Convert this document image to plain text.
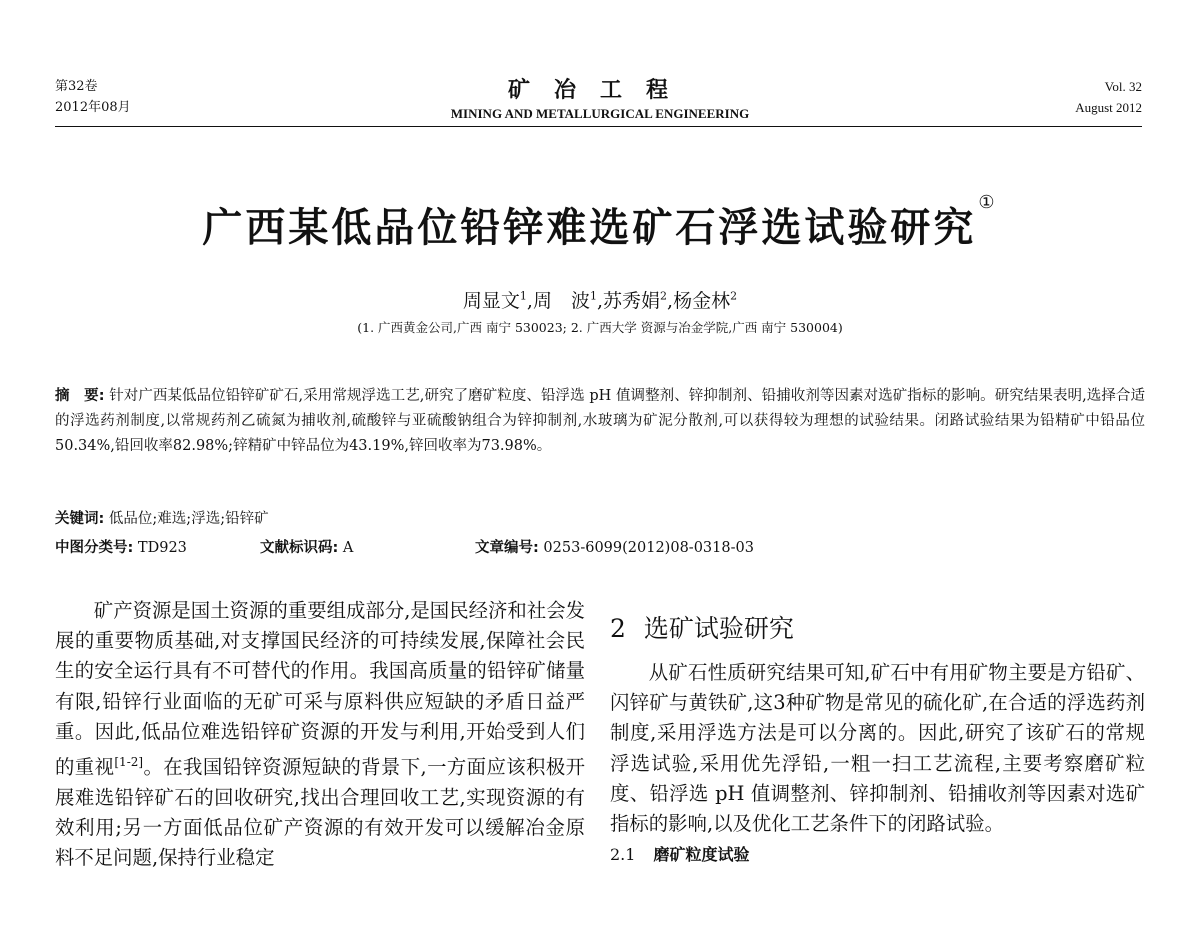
第32卷
2012年08月
矿冶工程
MINING AND METALLURGICAL ENGINEERING
Vol. 32
August 2012
广西某低品位铅锌难选矿石浮选试验研究①
周显文$^1$,周　波$^1$,苏秀娟$^2$,杨金林$^2$
(1. 广西黄金公司,广西 南宁 530023; 2. 广西大学 资源与冶金学院,广西 南宁 530004)
摘　要: 针对广西某低品位铅锌矿矿石,采用常规浮选工艺,研究了磨矿粒度、铅浮选 pH 值调整剂、锌抑制剂、铅捕收剂等因素对选矿指标的影响。研究结果表明,选择合适的浮选药剂制度,以常规药剂乙硫氮为捕收剂,硫酸锌与亚硫酸钠组合为锌抑制剂,水玻璃为矿泥分散剂,可以获得较为理想的试验结果。闭路试验结果为铅精矿中铅品位50.34%,铅回收率82.98%;锌精矿中锌品位为43.19%,锌回收率为73.98%。
关键词: 低品位;难选;浮选;铅锌矿
中图分类号: TD923	文献标识码: A	文章编号: 0253-6099(2012)08-0318-03
矿产资源是国土资源的重要组成部分,是国民经济和社会发展的重要物质基础,对支撑国民经济的可持续发展,保障社会民生的安全运行具有不可替代的作用。我国高质量的铅锌矿储量有限,铅锌行业面临的无矿可采与原料供应短缺的矛盾日益严重。因此,低品位难选铅锌矿资源的开发与利用,开始受到人们的重视[1-2]。在我国铅锌资源短缺的背景下,一方面应该积极开展难选铅锌矿石的回收研究,找出合理回收工艺,实现资源的有效利用;另一方面低品位矿产资源的有效开发可以缓解冶金原料不足问题,保持行业稳定
2 选矿试验研究

从矿石性质研究结果可知,矿石中有用矿物主要是方铅矿、闪锌矿与黄铁矿,这3种矿物是常见的硫化矿,在合适的浮选药剂制度,采用浮选方法是可以分离的。因此,研究了该矿石的常规浮选试验,采用优先浮铅,一粗一扫工艺流程,主要考察磨矿粒度、铅浮选 pH 值调整剂、锌抑制剂、铅捕收剂等因素对选矿指标的影响,以及优化工艺条件下的闭路试验。

2.1 磨矿粒度试验
